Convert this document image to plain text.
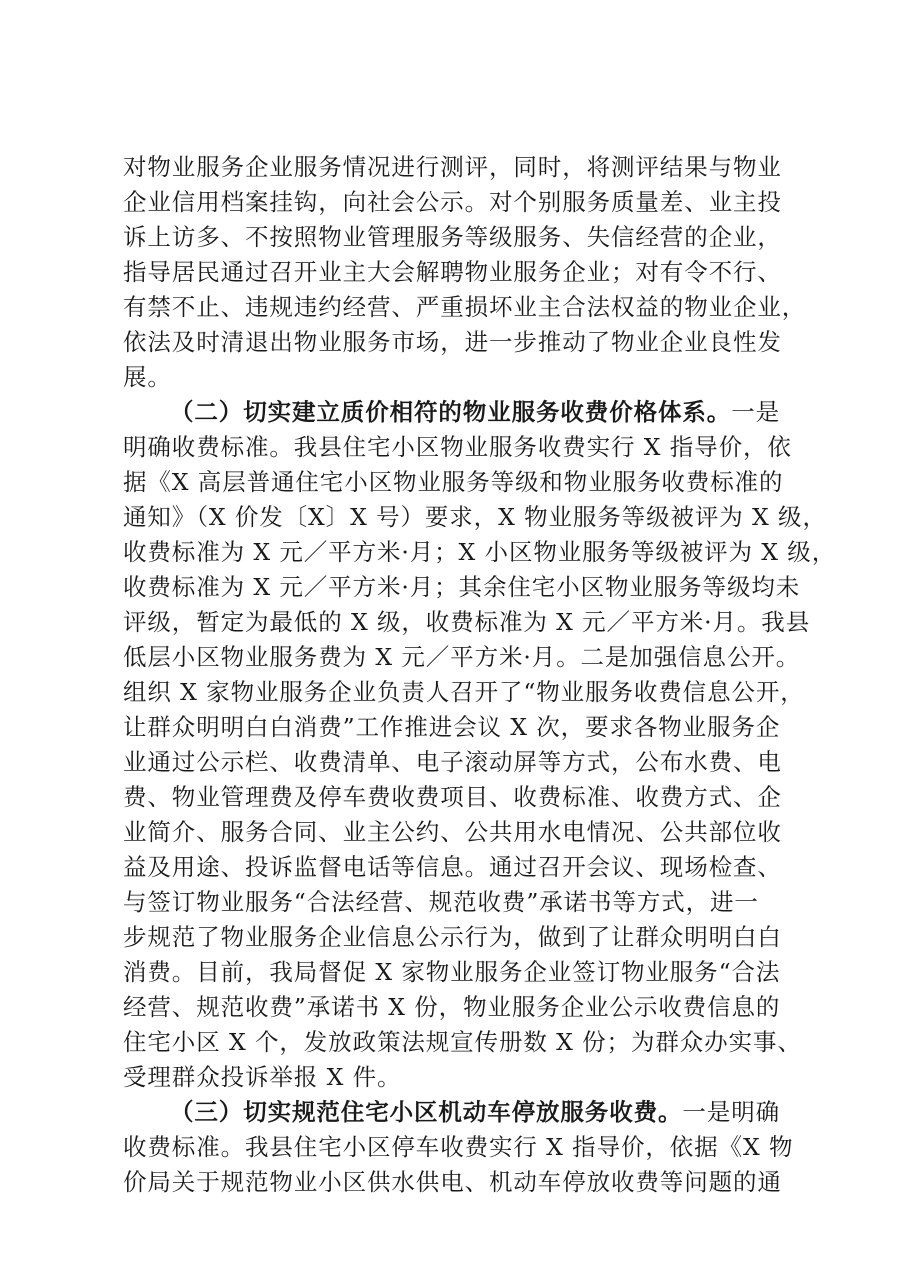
对物业服务企业服务情况进行测评，同时，将测评结果与物业
企业信用档案挂钩，向社会公示。对个别服务质量差、业主投
诉上访多、不按照物业管理服务等级服务、失信经营的企业，
指导居民通过召开业主大会解聘物业服务企业；对有令不行、
有禁不止、违规违约经营、严重损坏业主合法权益的物业企业，
依法及时清退出物业服务市场，进一步推动了物业企业良性发
展。
（二）切实建立质价相符的物业服务收费价格体系。一是
明确收费标准。我县住宅小区物业服务收费实行 X 指导价，依
据《X 高层普通住宅小区物业服务等级和物业服务收费标准的
通知》（X 价发〔X〕X 号）要求，X 物业服务等级被评为 X 级，
收费标准为 X 元／平方米·月；X 小区物业服务等级被评为 X 级，
收费标准为 X 元／平方米·月；其余住宅小区物业服务等级均未
评级，暂定为最低的 X 级，收费标准为 X 元／平方米·月。我县
低层小区物业服务费为 X 元／平方米·月。二是加强信息公开。
组织 X 家物业服务企业负责人召开了“物业服务收费信息公开，
让群众明明白白消费”工作推进会议 X 次，要求各物业服务企
业通过公示栏、收费清单、电子滚动屏等方式，公布水费、电
费、物业管理费及停车费收费项目、收费标准、收费方式、企
业简介、服务合同、业主公约、公共用水电情况、公共部位收
益及用途、投诉监督电话等信息。通过召开会议、现场检查、
与签订物业服务“合法经营、规范收费”承诺书等方式，进一
步规范了物业服务企业信息公示行为，做到了让群众明明白白
消费。目前，我局督促 X 家物业服务企业签订物业服务“合法
经营、规范收费”承诺书 X 份，物业服务企业公示收费信息的
住宅小区 X 个，发放政策法规宣传册数 X 份；为群众办实事、
受理群众投诉举报 X 件。
（三）切实规范住宅小区机动车停放服务收费。一是明确
收费标准。我县住宅小区停车收费实行 X 指导价，依据《X 物
价局关于规范物业小区供水供电、机动车停放收费等问题的通
